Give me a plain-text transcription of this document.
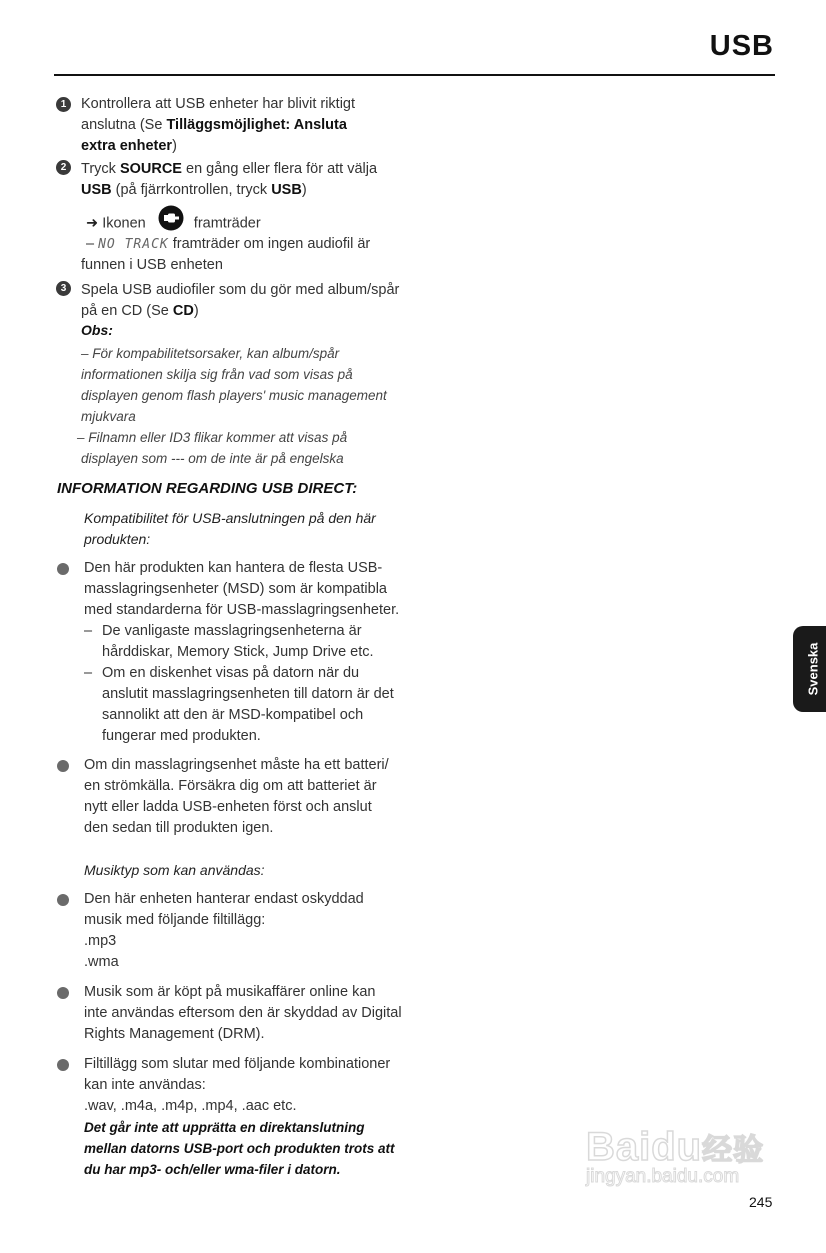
USB
1	Kontrollera att USB enheter har blivit riktigt
anslutna (Se Tilläggsmöjlighet: Ansluta
extra enheter)
2	Tryck SOURCE en gång eller flera för att välja
USB (på fjärrkontrollen, tryck USB)
➜ Ikonen	framträder
– NO TRACK framträder om ingen audiofil är
funnen i USB enheten
3	Spela USB audiofiler som du gör med album/spår
på en CD (Se CD)
Obs:
– För kompabilitetsorsaker, kan album/spår
informationen skilja sig från vad som visas på
displayen genom flash players' music management
mjukvara
– Filnamn eller ID3 flikar kommer att visas på
displayen som --- om de inte är på engelska
INFORMATION REGARDING USB DIRECT:
Kompatibilitet för USB-anslutningen på den här
produkten:
Den här produkten kan hantera de flesta USB-
masslagringsenheter (MSD) som är kompatibla
med standarderna för USB-masslagringsenheter.
– De vanligaste masslagringsenheterna är
hårddiskar, Memory Stick, Jump Drive etc.
– Om en diskenhet visas på datorn när du
anslutit masslagringsenheten till datorn är det
sannolikt att den är MSD-kompatibel och
fungerar med produkten.
Om din masslagringsenhet måste ha ett batteri/
en strömkälla. Försäkra dig om att batteriet är
nytt eller ladda USB-enheten först och anslut
den sedan till produkten igen.
Musiktyp som kan användas:
Den här enheten hanterar endast oskyddad
musik med följande filtillägg:
.mp3
.wma
Musik som är köpt på musikaffärer online kan
inte användas eftersom den är skyddad av Digital
Rights Management (DRM).
Filtillägg som slutar med följande kombinationer
kan inte användas:
.wav, .m4a, .m4p, .mp4, .aac etc.
Det går inte att upprätta en direktanslutning
mellan datorns USB-port och produkten trots att
du har mp3- och/eller wma-filer i datorn.
Svenska
Baidu经验
jingyan.baidu.com
245
